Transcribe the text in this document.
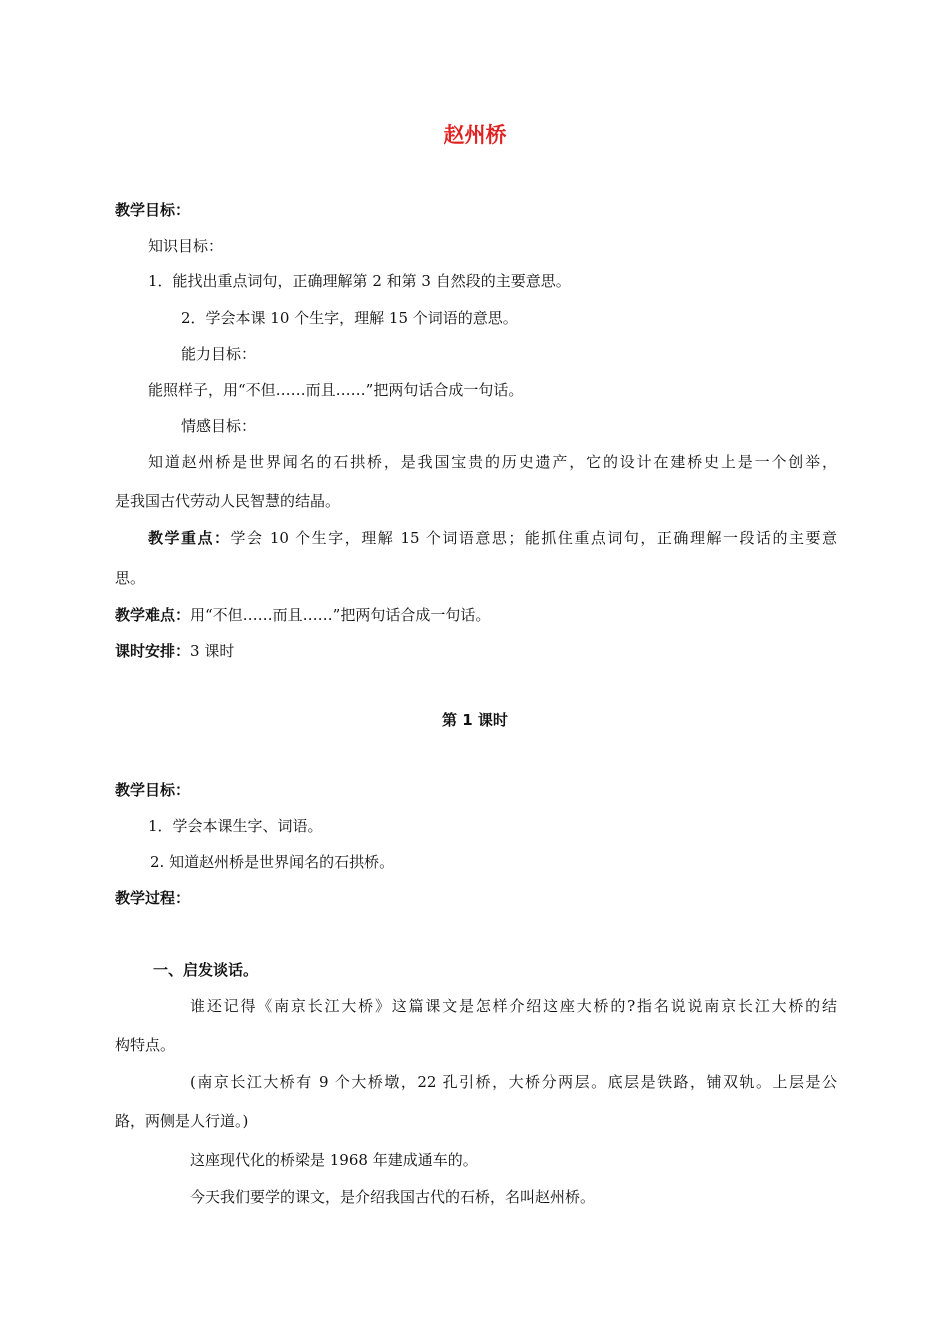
赵州桥
教学目标：
知识目标：
1．能找出重点词句，正确理解第 2 和第 3 自然段的主要意思。
2．学会本课 10 个生字，理解 15 个词语的意思。
能力目标：
能照样子，用“不但……而且……”把两句话合成一句话。
情感目标：
知道赵州桥是世界闻名的石拱桥，是我国宝贵的历史遗产，它的设计在建桥史上是一个创举，
是我国古代劳动人民智慧的结晶。
教学重点：学会 10 个生字，理解 15 个词语意思；能抓住重点词句，正确理解一段话的主要意
思。
教学难点：用“不但……而且……”把两句话合成一句话。
课时安排：3 课时
第 1 课时
教学目标：
1．学会本课生字、词语。
2. 知道赵州桥是世界闻名的石拱桥。
教学过程：
一、启发谈话。
谁还记得《南京长江大桥》这篇课文是怎样介绍这座大桥的?指名说说南京长江大桥的结
构特点。
(南京长江大桥有 9 个大桥墩，22 孔引桥，大桥分两层。底层是铁路，铺双轨。上层是公
路，两侧是人行道。)
这座现代化的桥梁是 1968 年建成通车的。
今天我们要学的课文，是介绍我国古代的石桥，名叫赵州桥。
